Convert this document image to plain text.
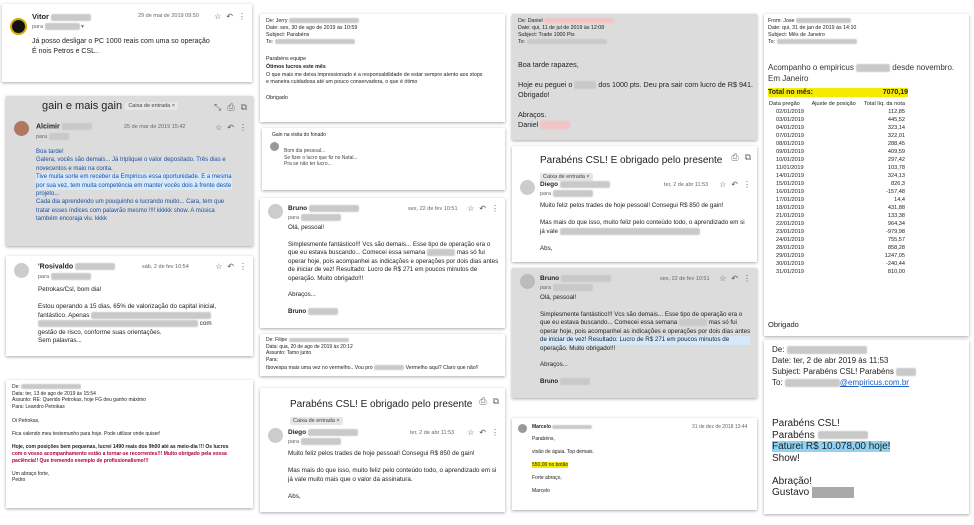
Vitor
para	▾
29 de mai de 2019 09:50 ☆ ↶ ⋮
Já posso desligar o PC 1000 reais com uma so operação
É nois Petros e CSL..
gain e mais gain Caixa de entrada ×	⤡ ⎙ ⧉
Alcimir
para
25 de mar de 2019 15:42	☆ ↶ ⋮
Boa tarde!
Galera, vocês são demais... Já tripliquei o valor depositado. Três dias e
novecentos e maio na conta.
Tive muita sorte em receber da Empiricus essa oportunidade. E a mesma
por sua vez, tem muita competência em manter vocês dois à frente deste
projeto...
Cada dia aprendendo um pouquinho e lucrando muito... Cara, tem que
tratar esses índices com palavrão mesmo !!!! kkkkk show. A música
também encoraja viu. kkkk
'Rosivaldo
para
sáb, 2 de fev 10:54	☆ ↶ ⋮
Petrokas/Csl, bom dia!

Estou operando a 15 dias, 65% de valorização do capital inicial,
fantástico. Apenas
com
gestão de risco, conforme suas orientações.
Sem palavras...
De:
Data: ter, 13 de ago de 2019 às 15:54
Assunto: RE: Querido Petrokas, hoje FG deu ganho máximo
Para: Leandro Petrokas
Oi Petrokas,

Fica valendo meu testemunho para hoje. Pode utilizar onde quiser!

Hoje, com posições bem pequenas, lucrei 1490 reais dos 9h00 até as meio-dia !!! Os lucros
com o vosso acompanhamento estão a tornar-se recorrentes!!! Muito obrigado pela vossa
paciência!! Que tremendo exemplo de profissionalismo!!!

Um abraço forte,
Pedro
De: Jerry
Date: sex, 30 de ago de 2019 às 10:59
Subject: Parabéns
To:
Parabéns equipe
Ótimos lucros este mês
O que mais me deixa impressionado é a responsabilidade de estar sempre atento aos stops
e maneira cuidadosa até um pouco conservadora, o que é ótimo

Obrigado
Gain na visita do fonado
Bom dia pessoal...
Se fizer o lucro que fiz no Natal...
Pra se não ter lucro...
Bruno
para
sex, 22 de fev 10:51 ☆ ↶ ⋮
Olá, pessoal!

Simplesmente fantástico!!! Vcs são demais... Esse tipo de operação era o
que eu estava buscando... Comecei essa semana	mas só fui
operar hoje, pois acompanhei as indicações e operações por dois dias antes
de iniciar de vez! Resultado: Lucro de R$ 271 em poucos minutos de
operação. Muito obrigado!!!

Abraços...

Bruno
De: Filipe
Data: qua, 20 de ago de 2019 às 20:12
Assunto: Tamo junto
Para:
Ibovespa mais uma vez no vermelho.. Vou pro	Vermelho aqui? Claro que não!!
Parabéns CSL! E obrigado pelo presente
Caixa de entrada ×
⎙ ⧉
Diego
para
ter, 2 de abr 11:53 ☆ ↶ ⋮
Muito feliz pelos trades de hoje pessoal! Consegui R$ 850 de gain!

Mas mais do que isso, muito feliz pelo conteúdo todo, o aprendizado em si
já vale muito mais que o valor da assinatura.

Abs,
De: Daniel
Date: qui, 11 de jul de 2019 às 12:08
Subject: Trade 1000 Pts
To:
Boa tarde rapazes,

Hoje eu peguei o	dos 1000 pts. Deu pra sair com lucro de R$ 941.
Obrigado!

Abraços.
Daniel
Parabéns CSL! E obrigado pelo presente
Caixa de entrada ×
⎙ ⧉
Diego
para
ter, 2 de abr 11:53 ☆ ↶ ⋮
Muito feliz pelos trades de hoje pessoal! Consegui R$ 850 de gain!

Mas mais do que isso, muito feliz pelo conteúdo todo, o aprendizado em si
já vale

Abs,
Bruno
para
sex, 22 de fev 10:51 ☆ ↶ ⋮
Olá, pessoal!

Simplesmente fantástico!!! Vcs são demais... Esse tipo de operação era o
que eu estava buscando... Comecei essa semana	mas só fui
operar hoje, pois acompanhei as indicações e operações por dois dias antes
de iniciar de vez! Resultado: Lucro de R$ 271 em poucos minutos de
operação. Muito obrigado!!!

Abraços...

Bruno
Marcelo	31 de dez de 2018 13:44
Parabéns,

visão de águia. Top demais.

550,00 no botão

Forte abraço,

Marcelo
From: Jose
Date: qui, 31 de jan de 2019 às 14:10
Subject: Mês de Janeiro
To:
Acompanho o empiricus	desde novembro.
Em Janeiro
Total no mês:	7070,19
Data pregão	Ajuste de posição	Total líq. da nota
02/01/2019		112,85
03/01/2019		445,52
04/01/2019		323,14
07/01/2019		322,01
08/01/2019		288,45
09/01/2019		409,59
10/01/2019		297,42
11/01/2019		103,78
14/01/2019		324,13
15/01/2019		826,3
16/01/2019		-157,48
17/01/2019		14,4
18/01/2019		431,88
21/01/2019		133,38
22/01/2019		964,34
23/01/2019		-979,98
24/01/2019		755,57
28/01/2019		858,28
29/01/2019		1247,05
30/01/2019		-240,44
31/01/2019		810,00
Obrigado
De:
Date: ter, 2 de abr 2019 às 11:53
Subject: Parabéns CSL! Parabéns
To:	@empiricus.com.br
Parabéns CSL!
Parabéns
Faturei R$ 10.078,00 hoje!
Show!

Abração!
Gustavo
